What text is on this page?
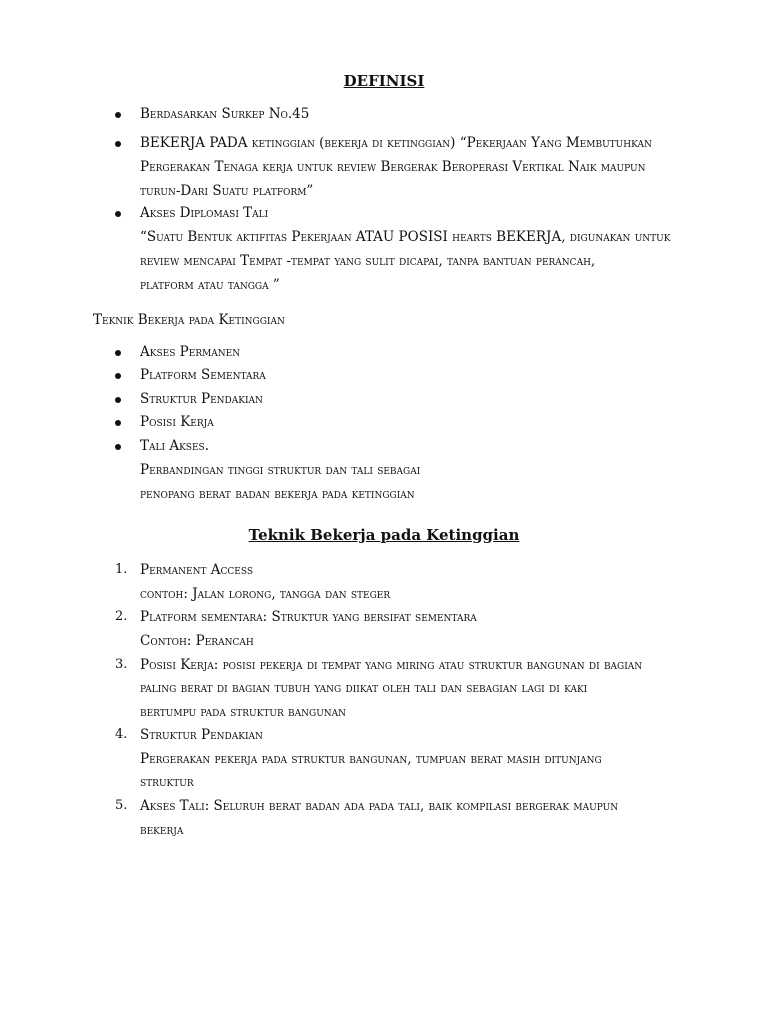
DEFINISI
Berdasarkan Surkep No.45
BEKERJA PADA ketinggian (bekerja di ketinggian) “Pekerjaan Yang Membutuhkan
Pergerakan Tenaga kerja untuk review Bergerak Beroperasi Vertikal Naik maupun
turun-Dari Suatu platform”
Akses Diplomasi Tali
“Suatu Bentuk aktifitas Pekerjaan ATAU POSISI hearts BEKERJA, digunakan untuk
review mencapai Tempat -tempat yang sulit dicapai, tanpa bantuan perancah,
platform atau tangga ”
Teknik Bekerja pada Ketinggian
Akses Permanen
Platform Sementara
Struktur Pendakian
Posisi Kerja
Tali Akses.
Perbandingan tinggi struktur dan tali sebagai
penopang berat badan bekerja pada ketinggian
Teknik Bekerja pada Ketinggian
1. Permanent Access
contoh: Jalan lorong, tangga dan steger
2. Platform sementara: Struktur yang bersifat sementara
Contoh: Perancah
3. Posisi Kerja: posisi pekerja di tempat yang miring atau struktur bangunan di bagian
paling berat di bagian tubuh yang diikat oleh tali dan sebagian lagi di kaki
bertumpu pada struktur bangunan
4. Struktur Pendakian
Pergerakan pekerja pada struktur bangunan, tumpuan berat masih ditunjang
struktur
5. Akses Tali: Seluruh berat badan ada pada tali, baik kompilasi bergerak maupun
bekerja
